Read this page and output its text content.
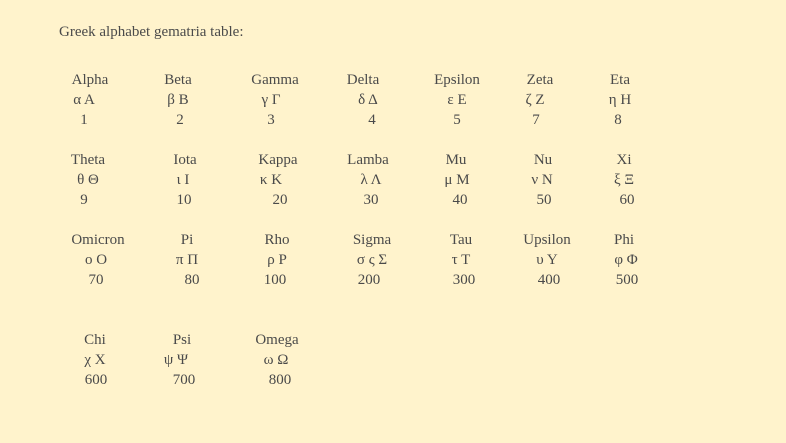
Greek alphabet gematria table:
Alpha
α Α
1
Beta
β Β
2
Gamma
γ Γ
3
Delta
δ Δ
4
Epsilon
ε Ε
5
Zeta
ζ Ζ
7
Eta
η Η
8
Theta
θ Θ
9
Iota
ι Ι
10
Kappa
κ Κ
20
Lamba
λ Λ
30
Mu
μ Μ
40
Nu
ν Ν
50
Xi
ξ Ξ
60
Omicron
ο Ο
70
Pi
π Π
80
Rho
ρ Ρ
100
Sigma
σ ς Σ
200
Tau
τ Τ
300
Upsilon
υ Υ
400
Phi
φ Φ
500
Chi
χ Χ
600
Psi
ψ Ψ
700
Omega
ω Ω
800
